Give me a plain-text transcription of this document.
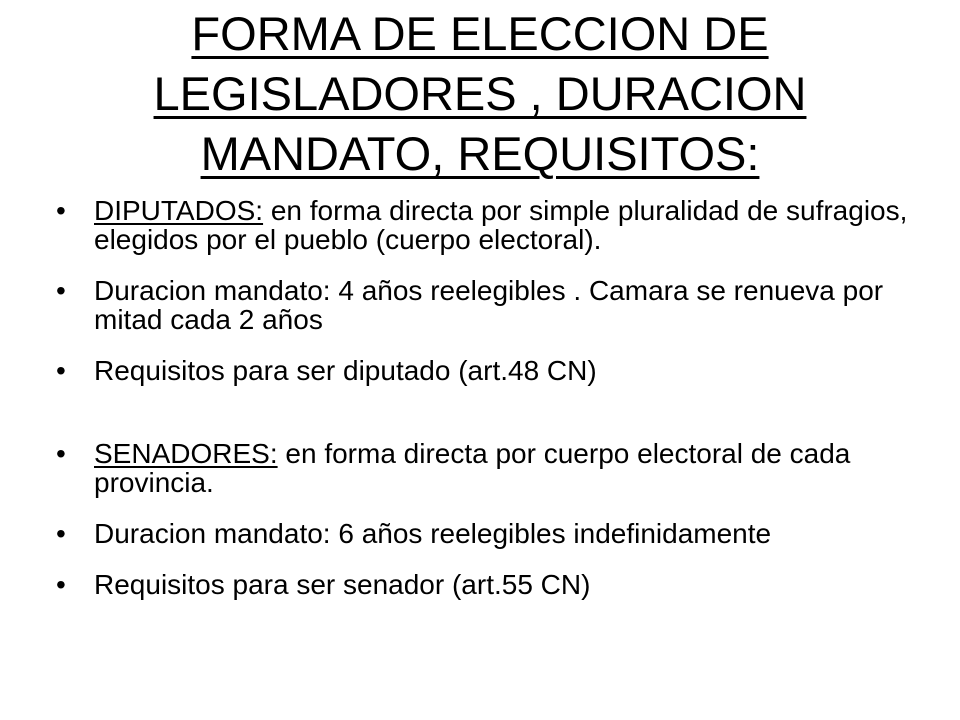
FORMA DE ELECCION DE
LEGISLADORES , DURACION
MANDATO, REQUISITOS:
• DIPUTADOS: en forma directa por simple pluralidad de sufragios, elegidos por el pueblo (cuerpo electoral).
• Duracion mandato: 4 años reelegibles . Camara se renueva por mitad cada 2 años
• Requisitos para ser diputado (art.48 CN)
• SENADORES: en forma directa por cuerpo electoral de cada provincia.
• Duracion mandato: 6 años reelegibles indefinidamente
• Requisitos para ser senador (art.55 CN)
